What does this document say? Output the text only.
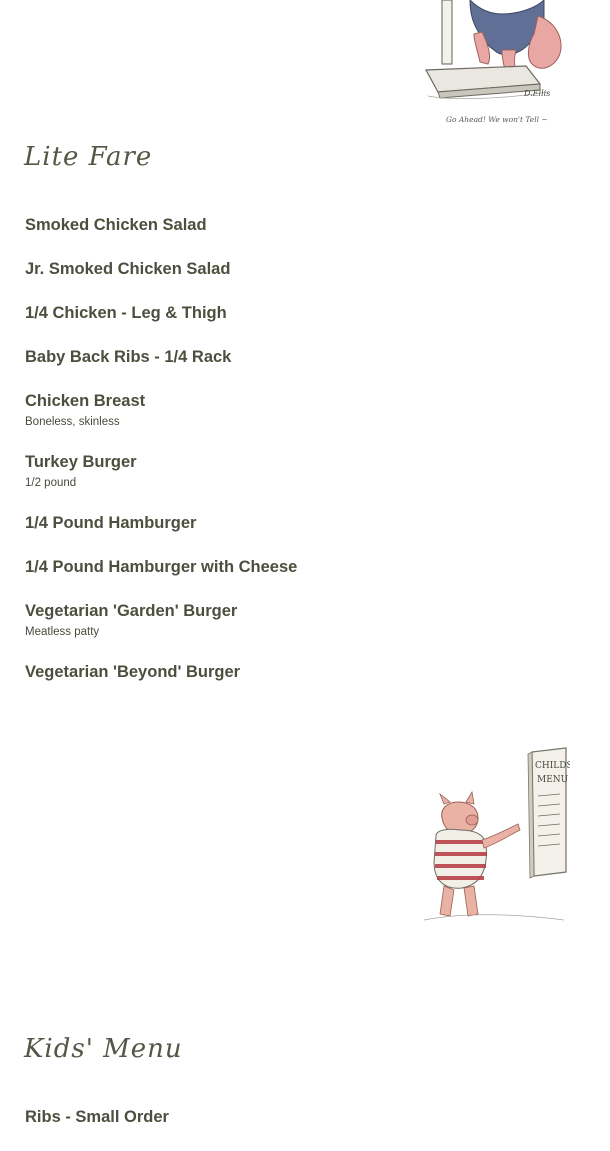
D.Ellis
Go Ahead! We won't Tell ~
Lite Fare
Smoked Chicken Salad
Jr. Smoked Chicken Salad
1/4 Chicken - Leg & Thigh
Baby Back Ribs - 1/4 Rack
Chicken Breast
Boneless, skinless
Turkey Burger
1/2 pound
1/4 Pound Hamburger
1/4 Pound Hamburger with Cheese
Vegetarian 'Garden' Burger
Meatless patty
Vegetarian 'Beyond' Burger
CHILDS
MENU
Kids' Menu
Ribs - Small Order
